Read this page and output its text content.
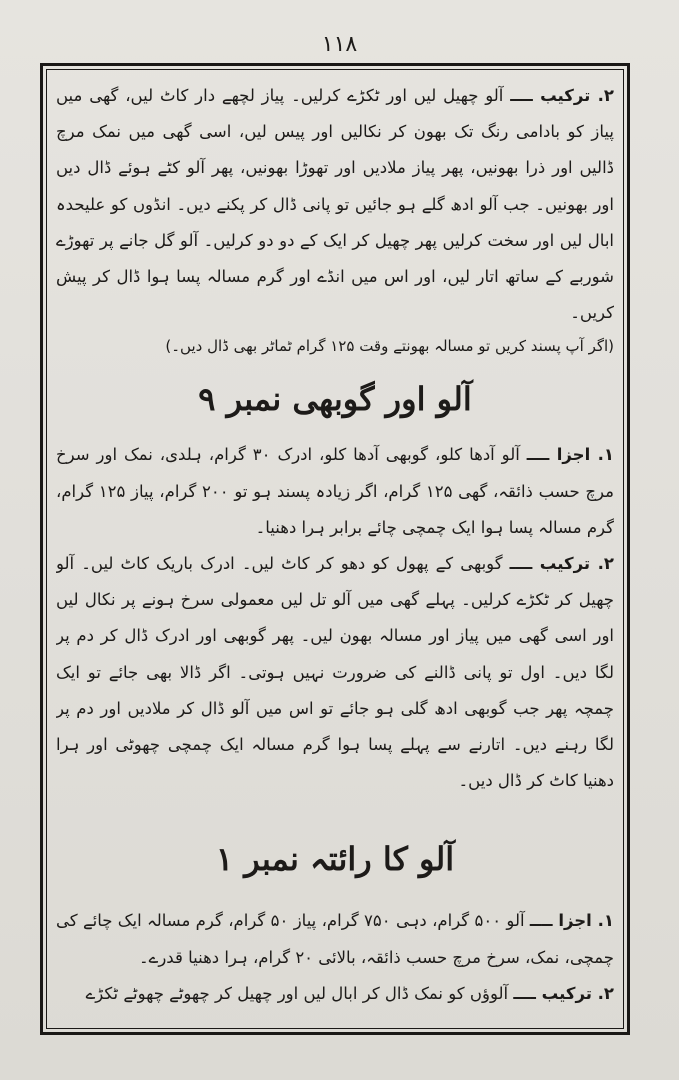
۱۱۸

۲. ترکیب ــــ آلو چھیل لیں اور ٹکڑے کرلیں۔ پیاز لچھے دار کاٹ لیں، گھی میں پیاز کو بادامی رنگ تک بھون کر نکالیں اور پیس لیں، اسی گھی میں نمک مرچ ڈالیں اور ذرا بھونیں، پھر پیاز ملادیں اور تھوڑا بھونیں، پھر آلو کٹے ہوئے ڈال دیں اور بھونیں۔ جب آلو ادھ گلے ہو جائیں تو پانی ڈال کر پکنے دیں۔ انڈوں کو علیحدہ ابال لیں اور سخت کرلیں پھر چھیل کر ایک کے دو دو کرلیں۔ آلو گل جانے پر تھوڑے شوربے کے ساتھ اتار لیں، اور اس میں انڈے اور گرم مسالہ پسا ہوا ڈال کر پیش کریں۔

(اگر آپ پسند کریں تو مسالہ بھونتے وقت ۱۲۵ گرام ٹماٹر بھی ڈال دیں۔)

آلو اور گوبھی نمبر ۹

۱. اجزا ــــ آلو آدھا کلو، گوبھی آدھا کلو، ادرک ۳۰ گرام، ہلدی، نمک اور سرخ مرچ حسب ذائقہ، گھی ۱۲۵ گرام، اگر زیادہ پسند ہو تو ۲۰۰ گرام، پیاز ۱۲۵ گرام، گرم مسالہ پسا ہوا ایک چمچی چائے برابر ہرا دھنیا۔

۲. ترکیب ــــ گوبھی کے پھول کو دھو کر کاٹ لیں۔ ادرک باریک کاٹ لیں۔ آلو چھیل کر ٹکڑے کرلیں۔ پہلے گھی میں آلو تل لیں معمولی سرخ ہونے پر نکال لیں اور اسی گھی میں پیاز اور مسالہ بھون لیں۔ پھر گوبھی اور ادرک ڈال کر دم پر لگا دیں۔ اول تو پانی ڈالنے کی ضرورت نہیں ہوتی۔ اگر ڈالا بھی جائے تو ایک چمچہ پھر جب گوبھی ادھ گلی ہو جائے تو اس میں آلو ڈال کر ملادیں اور دم پر لگا رہنے دیں۔ اتارنے سے پہلے پسا ہوا گرم مسالہ ایک چمچی چھوٹی اور ہرا دھنیا کاٹ کر ڈال دیں۔

آلو کا رائتہ نمبر ۱

۱. اجزا ــــ آلو ۵۰۰ گرام، دہی ۷۵۰ گرام، پیاز ۵۰ گرام، گرم مسالہ ایک چائے کی چمچی، نمک، سرخ مرچ حسب ذائقہ، بالائی ۲۰ گرام، ہرا دھنیا قدرے۔

۲. ترکیب ــــ آلوؤں کو نمک ڈال کر ابال لیں اور چھیل کر چھوٹے چھوٹے ٹکڑے
